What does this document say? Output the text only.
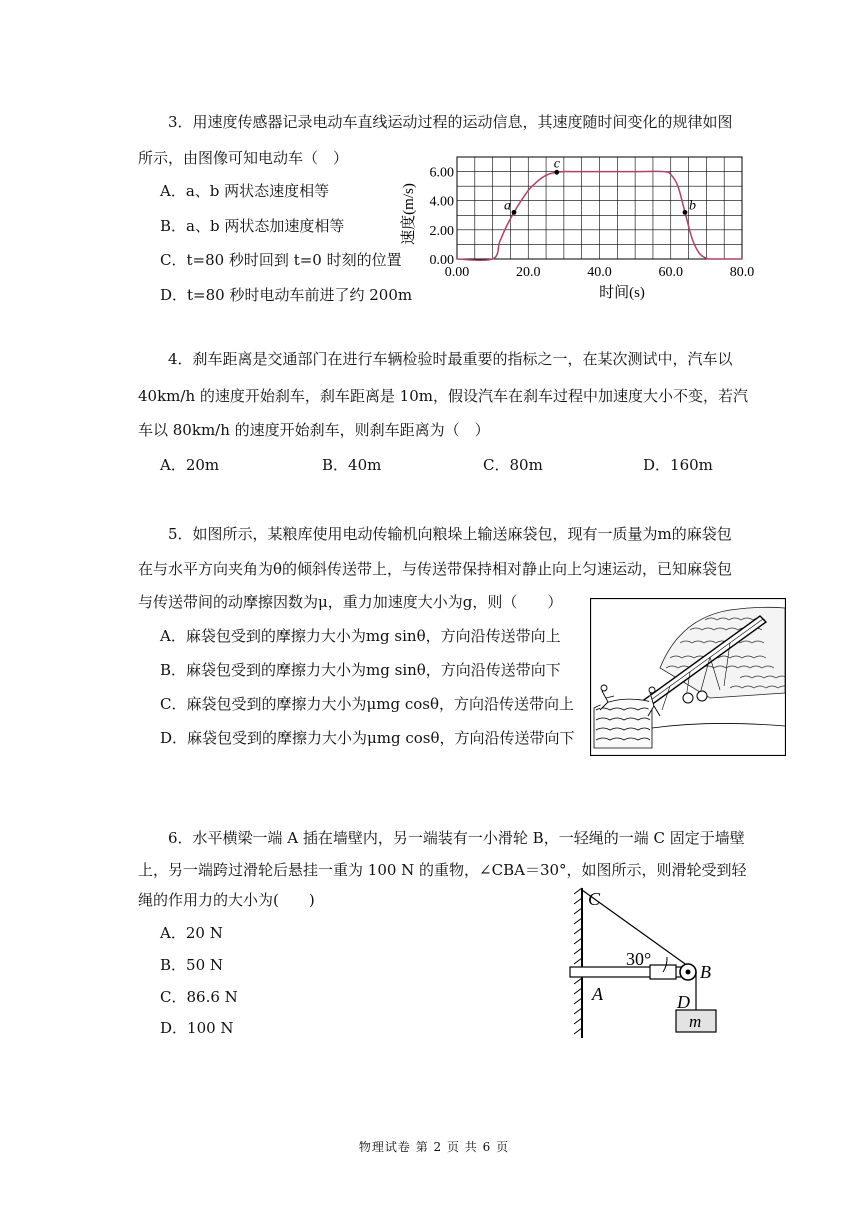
3．用速度传感器记录电动车直线运动过程的运动信息，其速度随时间变化的规律如图
所示，由图像可知电动车（　）
A．a、b 两状态速度相等
B．a、b 两状态加速度相等
C．t=80 秒时回到 t=0 时刻的位置
D．t=80 秒时电动车前进了约 200m
0.00	20.0	40.0	60.0	80.0
0.00
2.00
4.00
6.00
a
c
b
速度(m/s)
时间(s)
4．刹车距离是交通部门在进行车辆检验时最重要的指标之一，在某次测试中，汽车以
40km/h 的速度开始刹车，刹车距离是 10m，假设汽车在刹车过程中加速度大小不变，若汽
车以 80km/h 的速度开始刹车，则刹车距离为（　）
A．20m	B．40m	C．80m	D．160m
5．如图所示，某粮库使用电动传输机向粮垛上输送麻袋包，现有一质量为m的麻袋包
在与水平方向夹角为θ的倾斜传送带上，与传送带保持相对静止向上匀速运动，已知麻袋包
与传送带间的动摩擦因数为μ，重力加速度大小为g，则（　　）
A．麻袋包受到的摩擦力大小为mg sinθ，方向沿传送带向上
B．麻袋包受到的摩擦力大小为mg sinθ，方向沿传送带向下
C．麻袋包受到的摩擦力大小为μmg cosθ，方向沿传送带向上
D．麻袋包受到的摩擦力大小为μmg cosθ，方向沿传送带向下
6．水平横梁一端 A 插在墙壁内，另一端装有一小滑轮 B，一轻绳的一端 C 固定于墙壁
上，另一端跨过滑轮后悬挂一重为 100 N 的重物，∠CBA＝30°，如图所示，则滑轮受到轻
绳的作用力的大小为(　　)
A．20 N
B．50 N
C．86.6 N
D．100 N
C
30°
B
A	D
m
物理试卷 第 2 页 共 6 页
